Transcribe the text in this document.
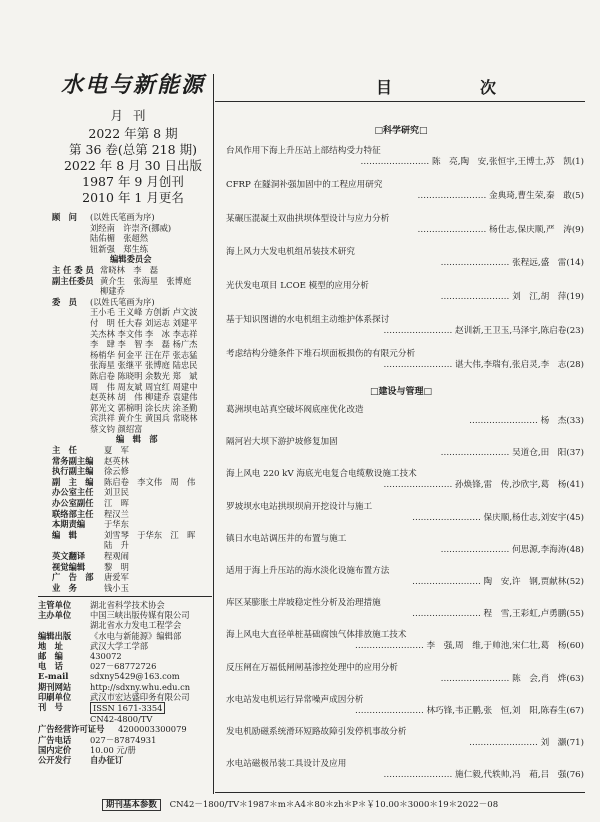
水电与新能源
月刊
2022 年第 8 期
第 36 卷(总第 218 期)
2022 年 8 月 30 日出版
1987 年 9 月创刊
2010 年 1 月更名
顾　问	(以姓氏笔画为序)
刘经南　许崇齐(挪威)
陆佑楣　张超然
钮新强　郑生练
编辑委员会
主 任 委 员 常晓林　李　磊
副主任委员 黄介生　张海星　张博庭
柳建乔
委　员	(以姓氏笔画为序)
王小毛 王义峰 方创新 卢文波
付　明 任大春 刘运志 刘建平
关杰林 李文伟 李　冰 李志祥
李　肆 李　智 李　磊 杨广杰
杨梢华 何金平 汪在芹 张志猛
张海星 张继平 张博庭 陆忠民
陈启卷 陈晓明 余数光 郑　斌
周　伟 周友斌 周宜红 周建中
赵英林 胡　伟 柳建乔 袁建伟
郭光文 郭棉明 涂长庆 涂圣勤
宾洪祥 黄介生 黄国兵 常晓林
蔡文钧 颜绍富
编　辑　部
主　任	夏　军
常务副主编	赵英林
执行副主编	徐云修
副　主　编	陈启卷　李文伟　周　伟
办公室主任	刘卫民
办公室副任	江　晖
联络部主任	程汉兰
本期责编	于华东
编　辑	刘雪琴　于华东　江　晖
陆　升
英文翻译	程观闹
视觉编辑	黎　明
广　告　部	唐爱军
业　务	钱小玉
主管单位	湖北省科学技术协会
主办单位	中国三峡出版传媒有限公司
湖北省水力发电工程学会
编辑出版	《水电与新能源》编辑部
地　址	武汉大学工学部
邮　编	430072
电　话	027－68772726
E-mail	sdxny5429@163.com
期刊网站	http://sdxny.whu.edu.cn
印刷单位	武汉市宏达盛印务有限公司
刊　号	ISSN 1671-3354
CN42-4800/TV
广告经营许可证号	4200003300079
广告电话	027－87874931
国内定价	10.00 元/册
公开发行	自办征订
目　次
□科学研究□
台风作用下海上升压站上部结构受力特征
…………………… 陈　亮,陶　安,张恒宇,王博士,苏　凯(1)
CFRP 在隧洞补强加固中的工程应用研究
…………………… 金典琦,曹生荣,秦　敢(5)
某碾压混凝土双曲拱坝体型设计与应力分析
…………………… 杨仕志,保庆顺,严　涛(9)
海上风力大发电机组吊装技术研究
…………………… 张程远,盛　雷(14)
光伏发电项目 LCOE 模型的应用分析
…………………… 刘　江,胡　萍(19)
基于知识图谱的水电机组主动维护体系探讨
…………………… 赵训新,王卫玉,马泽宇,陈启卷(23)
考虑结构分缝条件下堆石坝面板损伤的有限元分析
…………………… 谌大伟,李瑞有,张启灵,李　志(28)
□建设与管理□
葛洲坝电站真空破坏阀底座优化改造
…………………… 杨　杰(33)
隔河岩大坝下游护坡修复加固
…………………… 吴道仓,田　阳(37)
海上风电 220 kV 海底光电复合电缆敷设施工技术
…………………… 孙焕锋,雷　传,沙欣宇,葛　杨(41)
罗坡坝水电站拱坝坝肩开挖设计与施工
…………………… 保庆顺,杨仕志,刘安宇(45)
镇日水电站调压井的布置与施工
…………………… 何思源,李海涛(48)
适用于海上升压站的海水淡化设施布置方法
…………………… 陶　安,许　钢,贾献林(52)
库区某膨胀土岸坡稳定性分析及治理措施
…………………… 程　雪,王彩虹,卢勇鹏(55)
海上风电大直径单桩基础腐蚀气体排放施工技术
…………………… 李　强,周　维,于帅池,宋仁壮,葛　杨(60)
反压闸在万福低闸闸基渗控处理中的应用分析
…………………… 陈　会,肖　烨(63)
水电站发电机运行异常噪声成因分析
…………………… 林巧锋,韦正鹏,张　恒,刘　阳,陈春生(67)
发电机励磁系统滑环短路故障引发停机事故分析
…………………… 刘　灏(71)
水电站磁极吊装工具设计及应用
…………………… 施仁毅,代轶帅,冯　葙,吕　强(76)
期刊基本参数 CN42－1800/TV＊1987＊m＊A4＊80＊zh＊P＊￥10.00＊3000＊19＊2022－08
